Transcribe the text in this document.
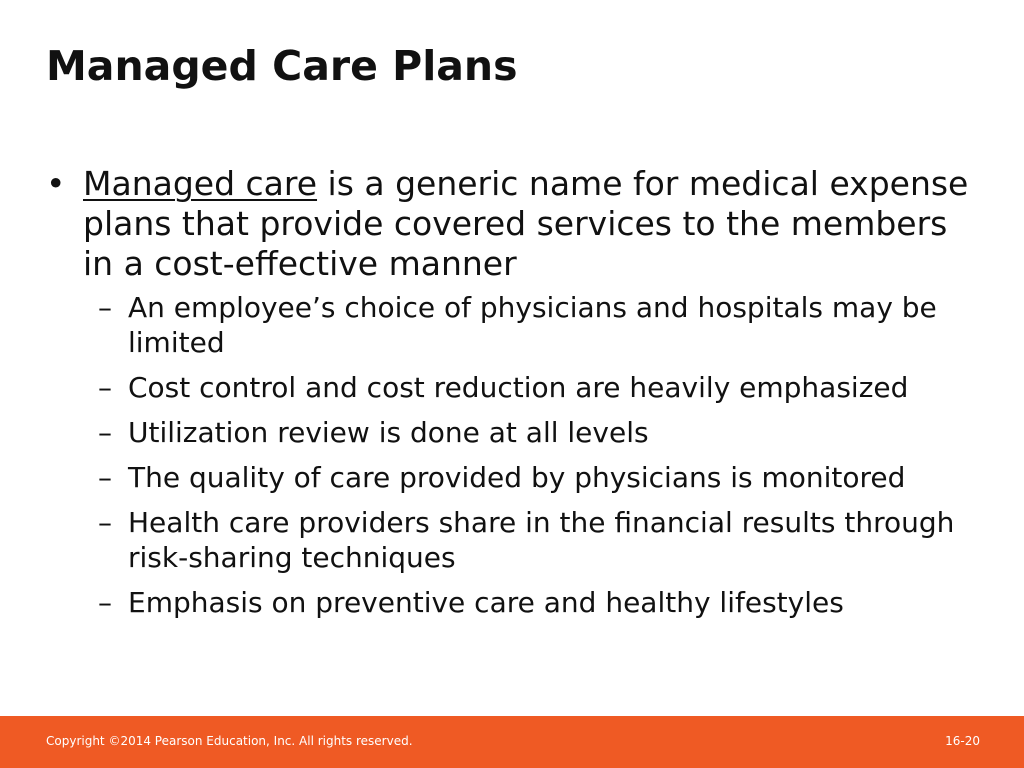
Managed Care Plans
• Managed care is a generic name for medical expense plans that provide covered services to the members in a cost-effective manner
– An employee’s choice of physicians and hospitals may be limited
– Cost control and cost reduction are heavily emphasized
– Utilization review is done at all levels
– The quality of care provided by physicians is monitored
– Health care providers share in the financial results through risk-sharing techniques
– Emphasis on preventive care and healthy lifestyles
Copyright ©2014 Pearson Education, Inc. All rights reserved.	16-20
